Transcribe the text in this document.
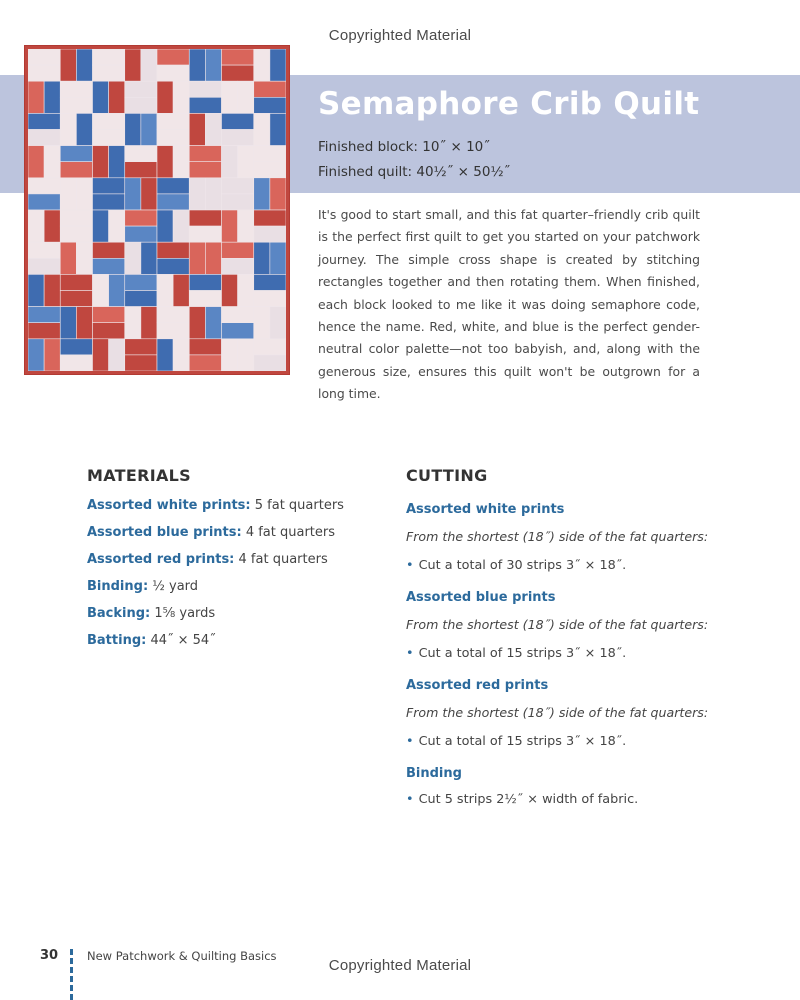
Copyrighted Material
Semaphore Crib Quilt
Finished block: 10˝ × 10˝
Finished quilt: 40½˝ × 50½˝

It's good to start small, and this fat quarter–friendly crib quilt is the perfect first quilt to get you started on your patchwork journey. The simple cross shape is created by stitching rectangles together and then rotating them. When finished, each block looked to me like it was doing semaphore code, hence the name. Red, white, and blue is the perfect gender-neutral color palette—not too babyish, and, along with the generous size, ensures this quilt won't be outgrown for a long time.

MATERIALS
Assorted white prints: 5 fat quarters
Assorted blue prints: 4 fat quarters
Assorted red prints: 4 fat quarters
Binding: ½ yard
Backing: 1⅝ yards
Batting: 44˝ × 54˝
CUTTING
Assorted white prints
From the shortest (18˝) side of the fat quarters:
• Cut a total of 30 strips 3˝ × 18˝.
Assorted blue prints
From the shortest (18˝) side of the fat quarters:
• Cut a total of 15 strips 3˝ × 18˝.
Assorted red prints
From the shortest (18˝) side of the fat quarters:
• Cut a total of 15 strips 3˝ × 18˝.
Binding
• Cut 5 strips 2½˝ × width of fabric.
30	New Patchwork & Quilting Basics
Copyrighted Material
